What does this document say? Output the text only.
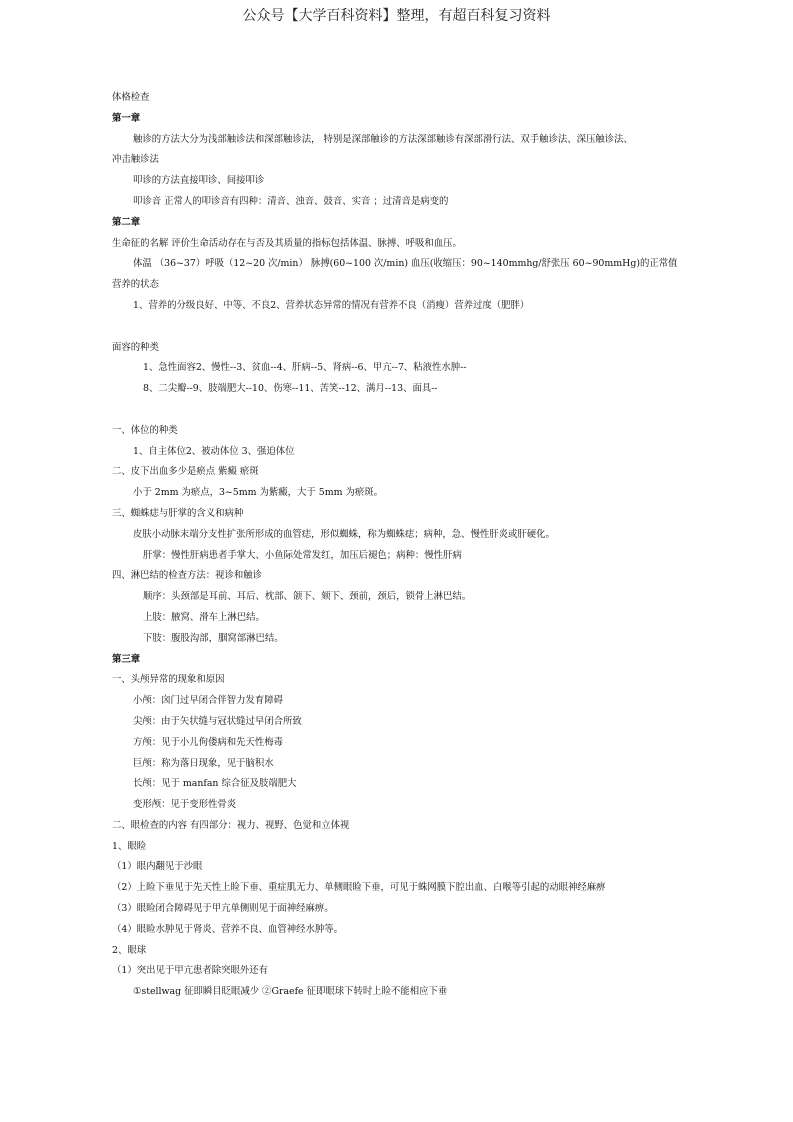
公众号【大学百科资料】整理，有超百科复习资料
体格检查
第一章
触诊的方法大分为浅部触诊法和深部触诊法， 特别是深部触诊的方法深部触诊有深部滑行法、双手触诊法、深压触诊法、
冲击触诊法
叩诊的方法直接叩诊、间接叩诊
叩诊音 正常人的叩诊音有四种：清音、浊音、鼓音、实音 ；过清音是病变的
第二章
生命征的名解 评价生命活动存在与否及其质量的指标包括体温、脉搏、呼吸和血压。
体温 （36~37）呼吸（12~20 次/min） 脉搏(60~100 次/min) 血压(收缩压：90~140mmhg/舒张压 60~90mmHg)的正常值
营养的状态
1、营养的分级良好、中等、不良2、营养状态异常的情况有营养不良（消瘦）营养过度（肥胖）
面容的种类
1、急性面容2、慢性--3、贫血--4、肝病--5、肾病--6、甲亢--7、粘液性水肿--
8、二尖瓣--9、肢端肥大--10、伤寒--11、苦笑--12、满月--13、面具--
一、体位的种类
1、自主体位2、被动体位 3、强迫体位
二、皮下出血多少是瘀点 紫癜 瘀斑
小于 2mm 为瘀点，3~5mm 为紫癜，大于 5mm 为瘀斑。
三、蜘蛛痣与肝掌的含义和病种
皮肤小动脉末端分支性扩张所形成的血管痣，形似蜘蛛，称为蜘蛛痣；病种，急、慢性肝炎或肝硬化。
肝掌：慢性肝病患者手掌大、小鱼际处常发红，加压后褪色；病种：慢性肝病
四、淋巴结的检查方法：视诊和触诊
顺序：头颈部是耳前、耳后、枕部、颌下、颏下、颈前，颈后，锁骨上淋巴结。
上肢：腋窝、滑车上淋巴结。
下肢：腹股沟部，腘窝部淋巴结。
第三章
一、头颅异常的现象和原因
小颅：囟门过早闭合伴智力发育障碍
尖颅：由于矢状缝与冠状缝过早闭合所致
方颅：见于小儿佝偻病和先天性梅毒
巨颅：称为落日现象，见于脑积水
长颅：见于 manfan 综合征及肢端肥大
变形颅：见于变形性骨炎
二、眼检查的内容 有四部分：视力、视野、色觉和立体视
1、眼睑
（1）眼内翻见于沙眼
（2）上睑下垂见于先天性上睑下垂、重症肌无力、单侧眼睑下垂，可见于蛛网膜下腔出血、白喉等引起的动眼神经麻痹
（3）眼睑闭合障碍见于甲亢单侧则见于面神经麻痹。
（4）眼睑水肿见于肾炎、营养不良、血管神经水肿等。
2、眼球
（1）突出见于甲亢患者除突眼外还有
①stellwag 征即瞬目眨眼减少 ②Graefe 征即眼球下转时上睑不能相应下垂
